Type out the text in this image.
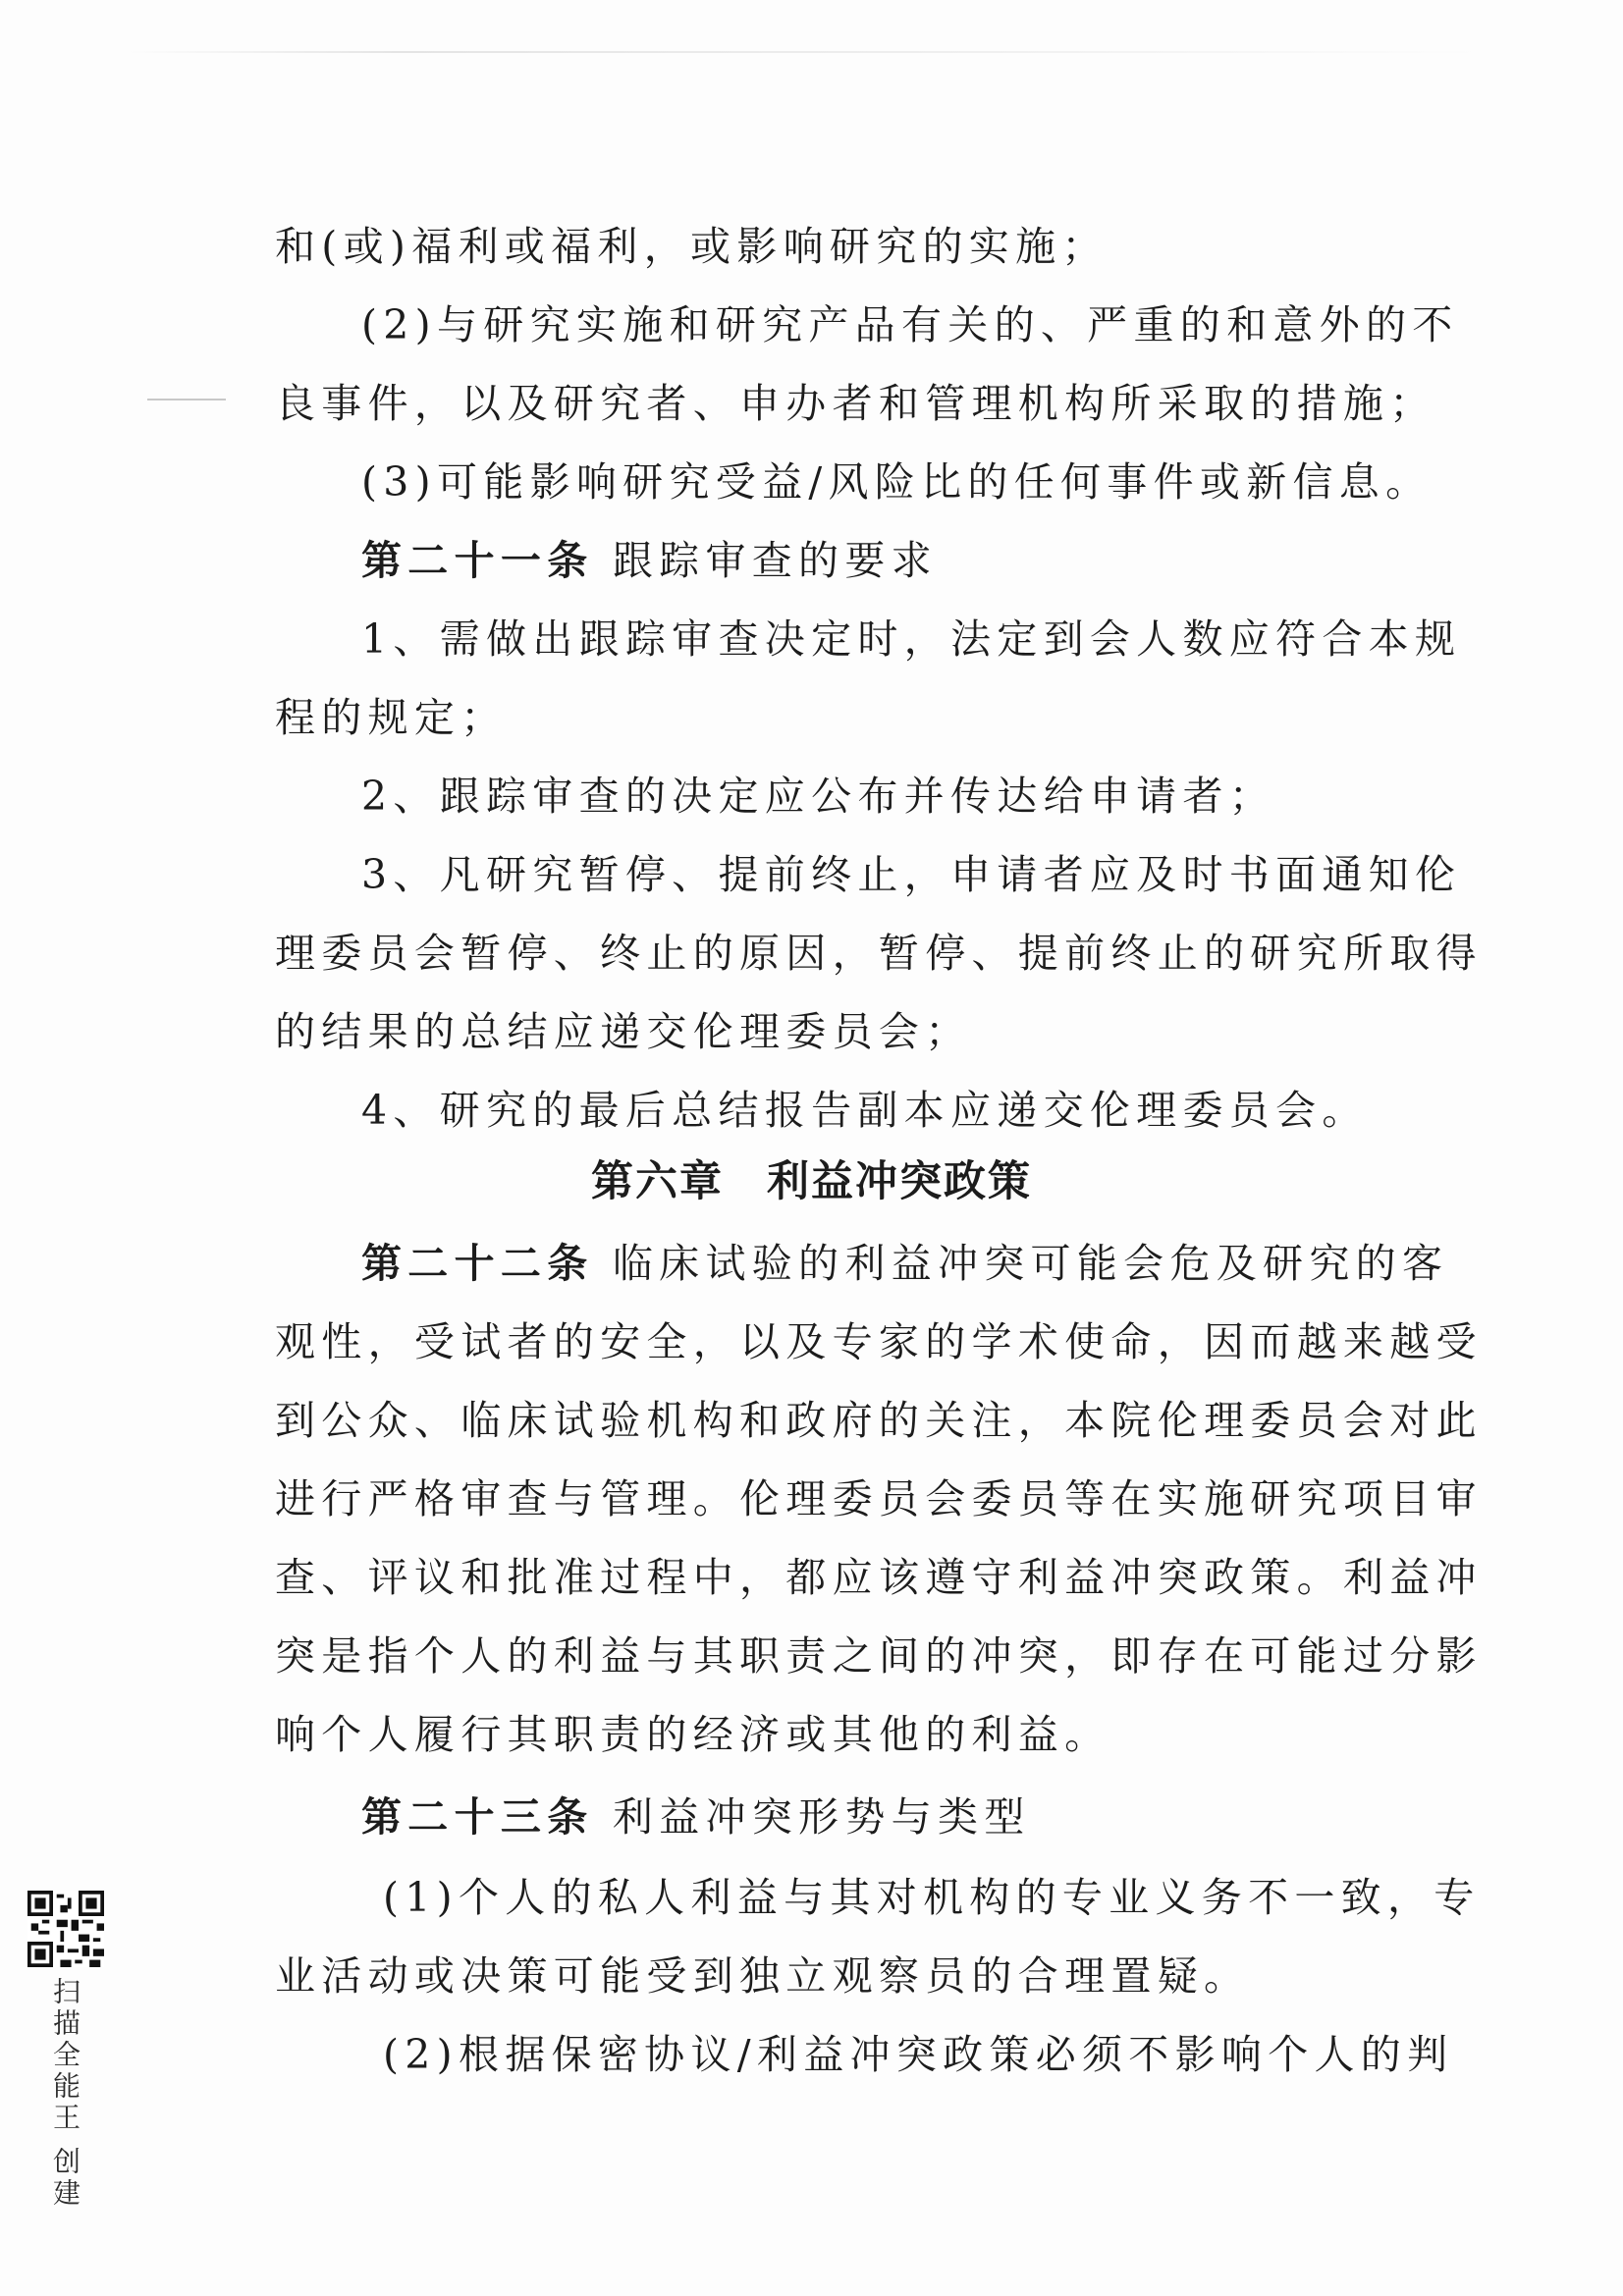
和(或)福利或福利，或影响研究的实施；
(2)与研究实施和研究产品有关的、严重的和意外的不
良事件，以及研究者、申办者和管理机构所采取的措施；
(3)可能影响研究受益/风险比的任何事件或新信息。
第二十一条 跟踪审查的要求
1、需做出跟踪审查决定时，法定到会人数应符合本规
程的规定；
2、跟踪审查的决定应公布并传达给申请者；
3、凡研究暂停、提前终止，申请者应及时书面通知伦
理委员会暂停、终止的原因，暂停、提前终止的研究所取得
的结果的总结应递交伦理委员会；
4、研究的最后总结报告副本应递交伦理委员会。
第六章 利益冲突政策
第二十二条 临床试验的利益冲突可能会危及研究的客
观性，受试者的安全，以及专家的学术使命，因而越来越受
到公众、临床试验机构和政府的关注，本院伦理委员会对此
进行严格审查与管理。伦理委员会委员等在实施研究项目审
查、评议和批准过程中，都应该遵守利益冲突政策。利益冲
突是指个人的利益与其职责之间的冲突，即存在可能过分影
响个人履行其职责的经济或其他的利益。
第二十三条 利益冲突形势与类型
(1)个人的私人利益与其对机构的专业义务不一致，专
业活动或决策可能受到独立观察员的合理置疑。
(2)根据保密协议/利益冲突政策必须不影响个人的判
扫描全能王 创建
